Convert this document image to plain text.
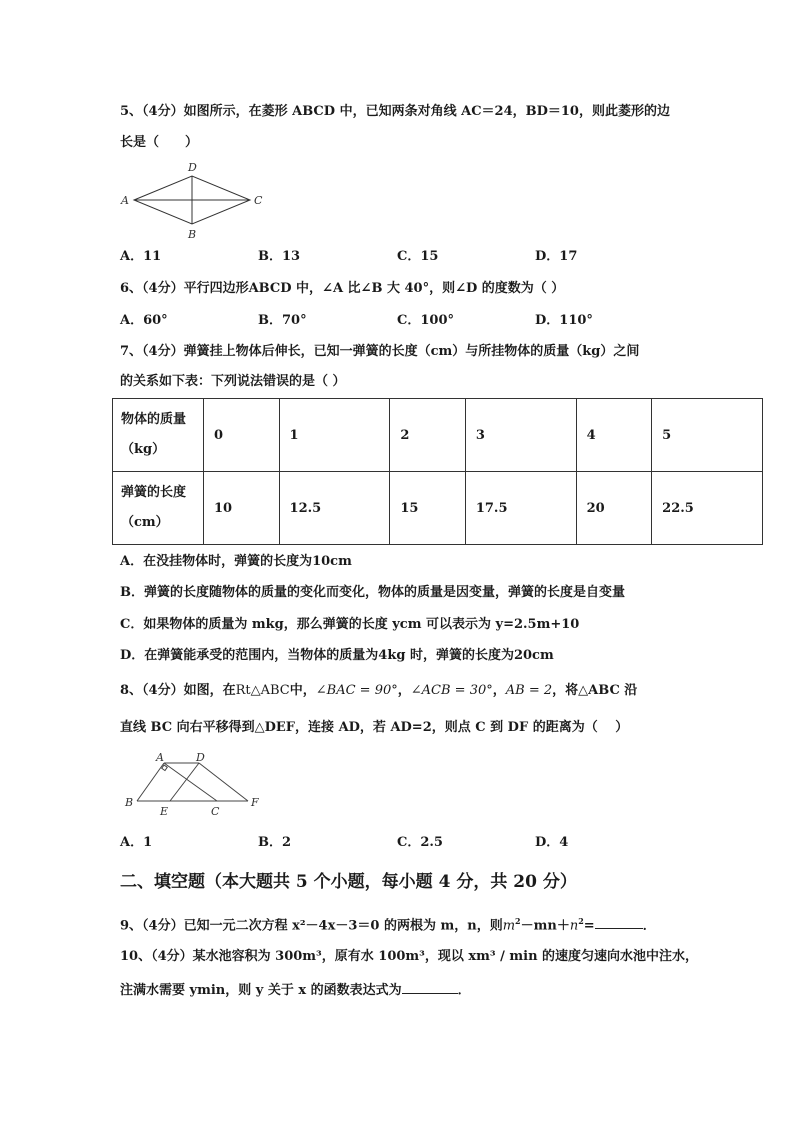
5、（4分）如图所示，在菱形 ABCD 中，已知两条对角线 AC＝24，BD＝10，则此菱形的边
长是（　　）
A
D
C
B
A．11	B．13	C．15	D．17
6、（4分）平行四边形ABCD 中，∠A 比∠B 大 40°，则∠D 的度数为（ ）
A．60°	B．70°	C．100°	D．110°
7、（4分）弹簧挂上物体后伸长，已知一弹簧的长度（cm）与所挂物体的质量（kg）之间
的关系如下表：下列说法错误的是（ ）
物体的质量
（kg）	0	1	2	3	4	5

弹簧的长度
（cm）	10	12.5	15	17.5	20	22.5
A．在没挂物体时，弹簧的长度为10cm
B．弹簧的长度随物体的质量的变化而变化，物体的质量是因变量，弹簧的长度是自变量
C．如果物体的质量为 mkg，那么弹簧的长度 ycm 可以表示为 y=2.5m+10
D．在弹簧能承受的范围内，当物体的质量为4kg 时，弹簧的长度为20cm
8、（4分）如图，在Rt△ABC中，∠BAC = 90°，∠ACB = 30°，AB = 2，将△ABC 沿
直线 BC 向右平移得到△DEF，连接 AD，若 AD=2，则点 C 到 DF 的距离为（　 ）
A	D
B
E	C
F
A．1	B．2	C．2.5	D．4
二、填空题（本大题共 5 个小题，每小题 4 分，共 20 分）
9、（4分）已知一元二次方程 x²－4x－3＝0 的两根为 m，n，则$m^2-mn+n^2=$	．
10、（4分）某水池容积为 300m³，原有水 100m³，现以 xm³ / min 的速度匀速向水池中注水，
注满水需要 ymin，则 y 关于 x 的函数表达式为	．
